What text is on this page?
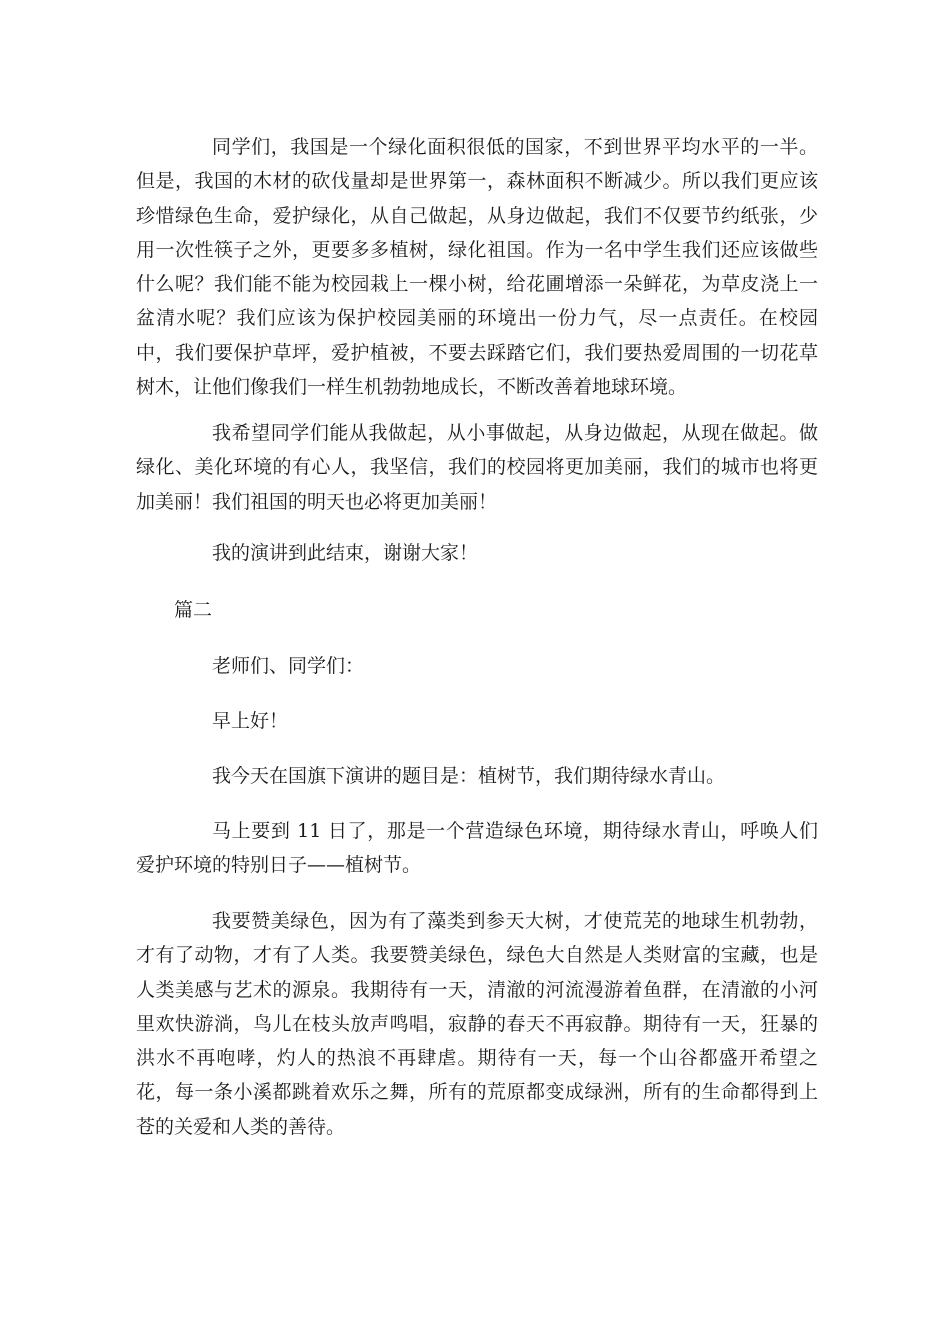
同学们，我国是一个绿化面积很低的国家，不到世界平均水平的一半。但是，我国的木材的砍伐量却是世界第一，森林面积不断减少。所以我们更应该珍惜绿色生命，爱护绿化，从自己做起，从身边做起，我们不仅要节约纸张，少用一次性筷子之外，更要多多植树，绿化祖国。作为一名中学生我们还应该做些什么呢？我们能不能为校园栽上一棵小树，给花圃增添一朵鲜花，为草皮浇上一盆清水呢？我们应该为保护校园美丽的环境出一份力气，尽一点责任。在校园中，我们要保护草坪，爱护植被，不要去踩踏它们，我们要热爱周围的一切花草树木，让他们像我们一样生机勃勃地成长，不断改善着地球环境。

我希望同学们能从我做起，从小事做起，从身边做起，从现在做起。做绿化、美化环境的有心人，我坚信，我们的校园将更加美丽，我们的城市也将更加美丽！我们祖国的明天也必将更加美丽！

我的演讲到此结束，谢谢大家！

篇二

老师们、同学们：

早上好！

我今天在国旗下演讲的题目是：植树节，我们期待绿水青山。

马上要到 11 日了，那是一个营造绿色环境，期待绿水青山，呼唤人们爱护环境的特别日子——植树节。

我要赞美绿色，因为有了藻类到参天大树，才使荒芜的地球生机勃勃，才有了动物，才有了人类。我要赞美绿色，绿色大自然是人类财富的宝藏，也是人类美感与艺术的源泉。我期待有一天，清澈的河流漫游着鱼群，在清澈的小河里欢快游淌，鸟儿在枝头放声鸣唱，寂静的春天不再寂静。期待有一天，狂暴的洪水不再咆哮，灼人的热浪不再肆虐。期待有一天，每一个山谷都盛开希望之花，每一条小溪都跳着欢乐之舞，所有的荒原都变成绿洲，所有的生命都得到上苍的关爱和人类的善待。
